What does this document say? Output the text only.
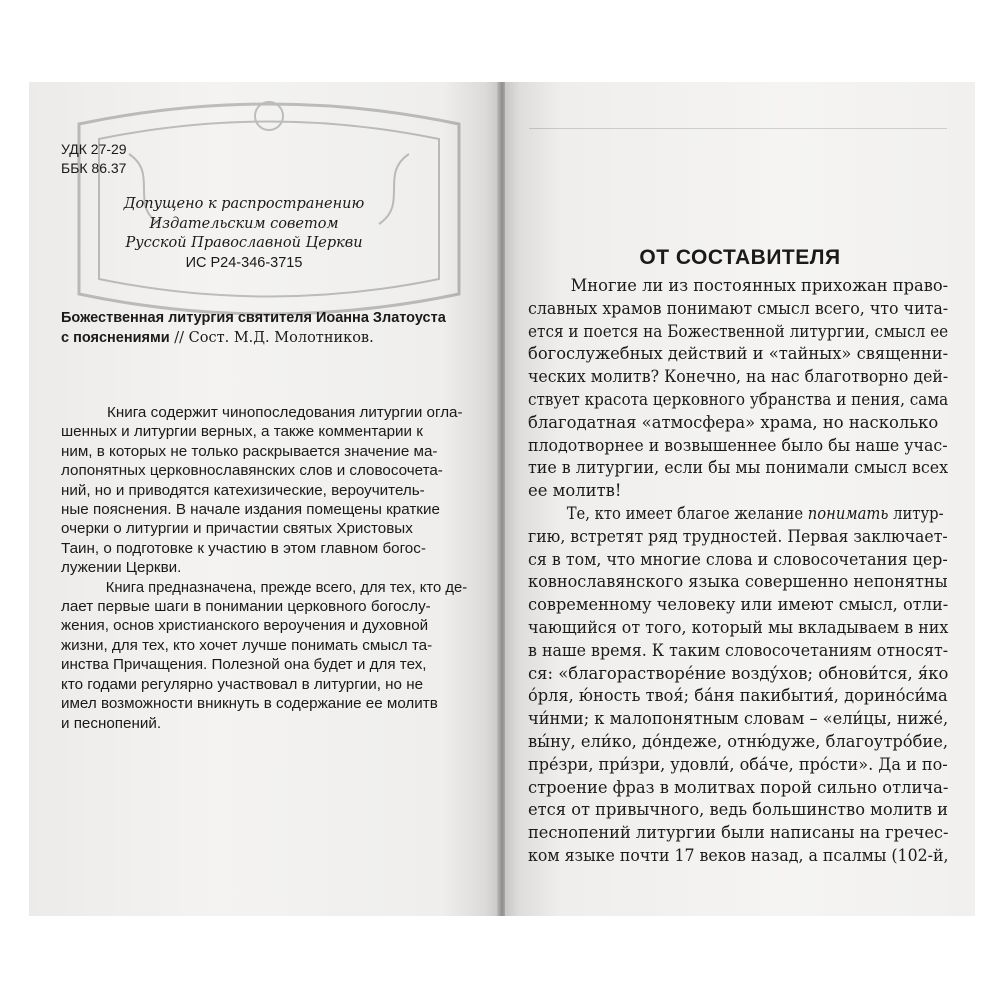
УДК 27-29
ББК 86.37
Допущено к распространению
Издательским советом
Русской Православной Церкви
ИС Р24-346-3715
Божественная литургия святителя Иоанна Златоуста
с пояснениями // Сост. М.Д. Молотников.
Книга содержит чинопоследования литургии огла-
шенных и литургии верных, а также комментарии к
ним, в которых не только раскрывается значение ма-
лопонятных церковнославянских слов и словосочета-
ний, но и приводятся катехизические, вероучитель-
ные пояснения. В начале издания помещены краткие
очерки о литургии и причастии святых Христовых
Таин, о подготовке к участию в этом главном богос-
лужении Церкви.
Книга предназначена, прежде всего, для тех, кто де-
лает первые шаги в понимании церковного богослу-
жения, основ христианского вероучения и духовной
жизни, для тех, кто хочет лучше понимать смысл та-
инства Причащения. Полезной она будет и для тех,
кто годами регулярно участвовал в литургии, но не
имел возможности вникнуть в содержание ее молитв
и песнопений.
ОТ СОСТАВИТЕЛЯ
Многие ли из постоянных прихожан право-
славных храмов понимают смысл всего, что чита-
ется и поется на Божественной литургии, смысл ее
богослужебных действий и «тайных» священни-
ческих молитв? Конечно, на нас благотворно дей-
ствует красота церковного убранства и пения, сама
благодатная «атмосфера» храма, но насколько
плодотворнее и возвышеннее было бы наше учас-
тие в литургии, если бы мы понимали смысл всех
ее молитв!
Те, кто имеет благое желание понимать литур-
гию, встретят ряд трудностей. Первая заключает-
ся в том, что многие слова и словосочетания цер-
ковнославянского языка совершенно непонятны
современному человеку или имеют смысл, отли-
чающийся от того, который мы вкладываем в них
в наше время. К таким словосочетаниям относят-
ся: «благорастворе́ние возду́хов; обнови́тся, я́ко
о́рля, ю́ность твоя́; ба́ня пакибытия́, дорино́си́ма
чи́нми; к малопонятным словам – «ели́цы, ниже́,
вы́ну, ели́ко, до́ндеже, отню́дуже, благоутро́бие,
пре́зри, при́зри, удовли́, оба́че, про́сти». Да и по-
строение фраз в молитвах порой сильно отлича-
ется от привычного, ведь большинство молитв и
песнопений литургии были написаны на гречес-
ком языке почти 17 веков назад, а псалмы (102-й,
